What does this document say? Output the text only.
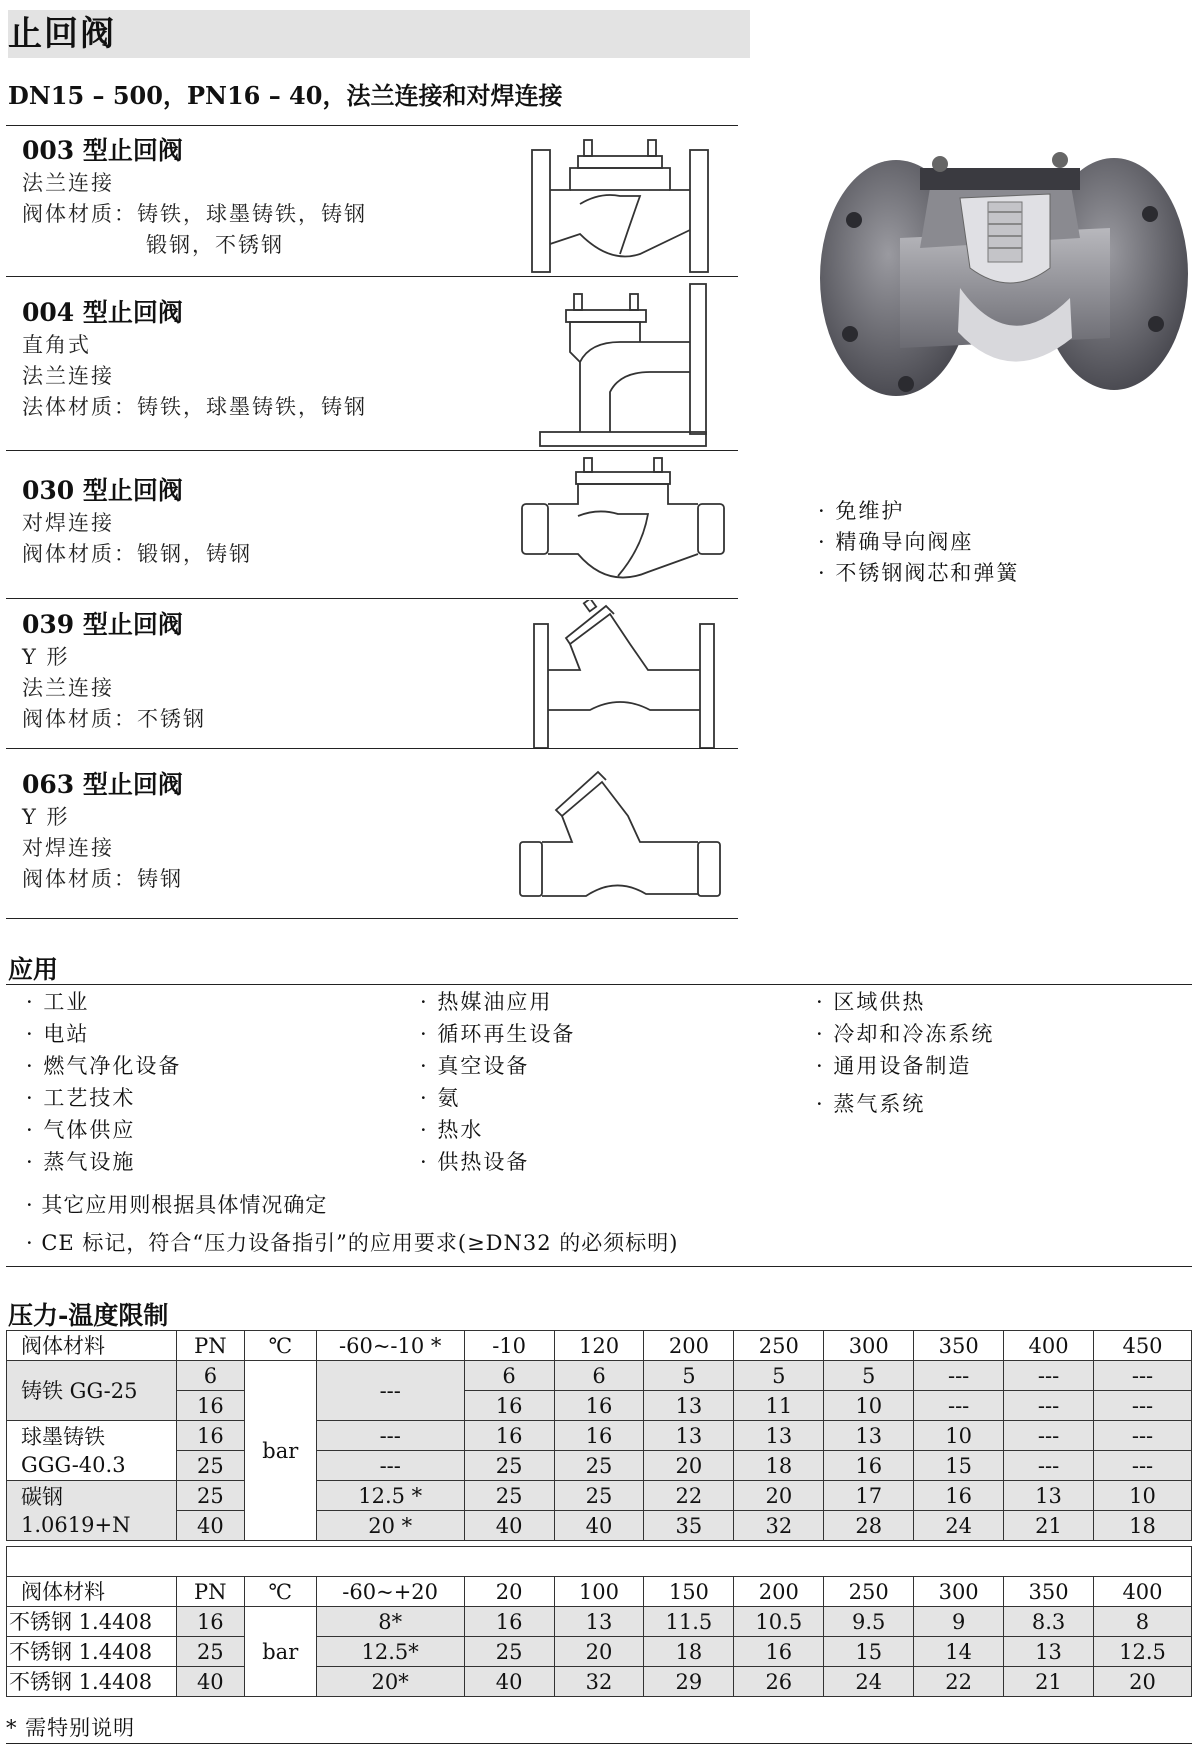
止回阀
DN15 – 500，PN16 – 40，法兰连接和对焊连接
003 型止回阀
法兰连接
阀体材质：铸铁，球墨铸铁，铸钢
锻钢，不锈钢
004 型止回阀
直角式
法兰连接
法体材质：铸铁，球墨铸铁，铸钢
030 型止回阀
对焊连接
阀体材质：锻钢，铸钢
039 型止回阀
Y 形
法兰连接
阀体材质：不锈钢
063 型止回阀
Y 形
对焊连接
阀体材质：铸钢
· 免维护
· 精确导向阀座
· 不锈钢阀芯和弹簧
应用
· 工业
· 电站
· 燃气净化设备
· 工艺技术
· 气体供应
· 蒸气设施
· 热媒油应用
· 循环再生设备
· 真空设备
· 氨
· 热水
· 供热设备
· 区域供热
· 冷却和冷冻系统
· 通用设备制造
· 蒸气系统
· 其它应用则根据具体情况确定
· CE 标记，符合“压力设备指引”的应用要求(≥DN32 的必须标明)
压力-温度限制
阀体材料	PN	℃	-60~-10 *	-10	120	200	250	300	350	400	450

铸铁 GG-25	6	bar	---	6	6	5	5	5	---	---	---
	16			16	16	13	11	10	---	---	---

球墨铸铁
GGG-40.3	16		---	16	16	13	13	13	10	---	---
	25		---	25	25	20	18	16	15	---	---

碳钢
1.0619+N	25		12.5 *	25	25	22	20	17	16	13	10
	40		20 *	40	40	35	32	28	24	21	18
阀体材料	PN	℃	-60~+20	20	100	150	200	250	300	350	400
不锈钢 1.4408	16	bar	8*	16	13	11.5	10.5	9.5	9	8.3	8
不锈钢 1.4408	25		12.5*	25	20	18	16	15	14	13	12.5
不锈钢 1.4408	40		20*	40	32	29	26	24	22	21	20
* 需特别说明
